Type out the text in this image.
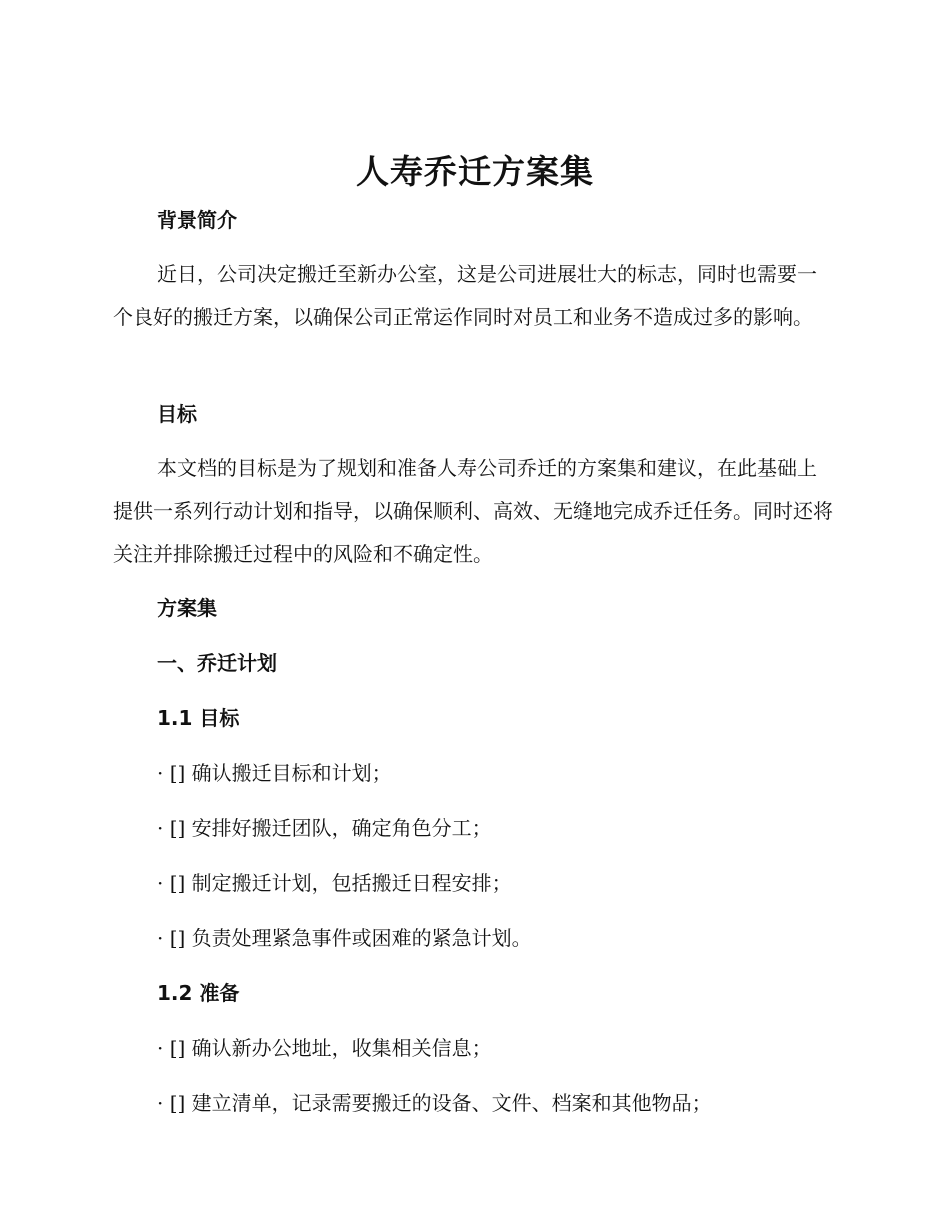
人寿乔迁方案集
背景简介

近日，公司决定搬迁至新办公室，这是公司进展壮大的标志，同时也需要一个良好的搬迁方案，以确保公司正常运作同时对员工和业务不造成过多的影响。

目标

本文档的目标是为了规划和准备人寿公司乔迁的方案集和建议，在此基础上提供一系列行动计划和指导，以确保顺利、高效、无缝地完成乔迁任务。同时还将关注并排除搬迁过程中的风险和不确定性。

方案集
一、乔迁计划
1.1 目标

· [] 确认搬迁目标和计划；

· [] 安排好搬迁团队，确定角色分工；

· [] 制定搬迁计划，包括搬迁日程安排；

· [] 负责处理紧急事件或困难的紧急计划。

1.2 准备

· [] 确认新办公地址，收集相关信息；

· [] 建立清单，记录需要搬迁的设备、文件、档案和其他物品；
